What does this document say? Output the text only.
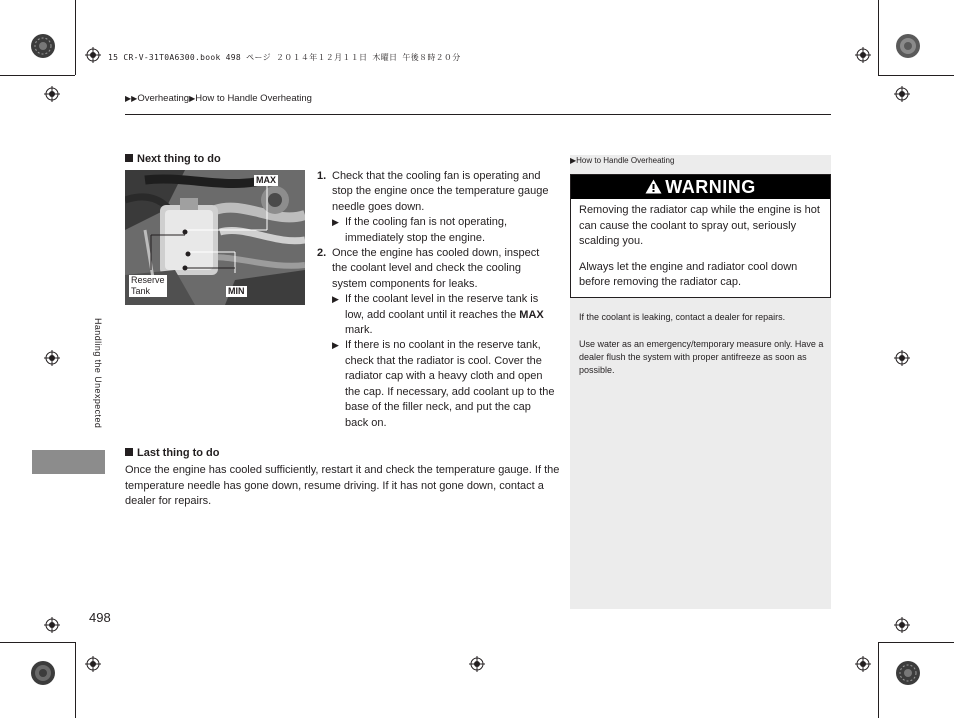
15 CR-V-31T0A6300.book 498 ページ ２０１４年１２月１１日 木曜日 午後８時２０分
▶▶Overheating▶How to Handle Overheating
Handling the Unexpected
Next thing to do
MAX
MIN
Reserve
Tank
1. Check that the cooling fan is operating and stop the engine once the temperature gauge needle goes down.
▶ If the cooling fan is not operating, immediately stop the engine.
2. Once the engine has cooled down, inspect the coolant level and check the cooling system components for leaks.
▶ If the coolant level in the reserve tank is low, add coolant until it reaches the MAX mark.
▶ If there is no coolant in the reserve tank, check that the radiator is cool. Cover the radiator cap with a heavy cloth and open the cap. If necessary, add coolant up to the base of the filler neck, and put the cap back on.
Last thing to do
Once the engine has cooled sufficiently, restart it and check the temperature gauge. If the temperature needle has gone down, resume driving. If it has not gone down, contact a dealer for repairs.
▶How to Handle Overheating
WARNING

Removing the radiator cap while the engine is hot can cause the coolant to spray out, seriously scalding you.

Always let the engine and radiator cool down before removing the radiator cap.

If the coolant is leaking, contact a dealer for repairs.
Use water as an emergency/temporary measure only. Have a dealer flush the system with proper antifreeze as soon as possible.
498
